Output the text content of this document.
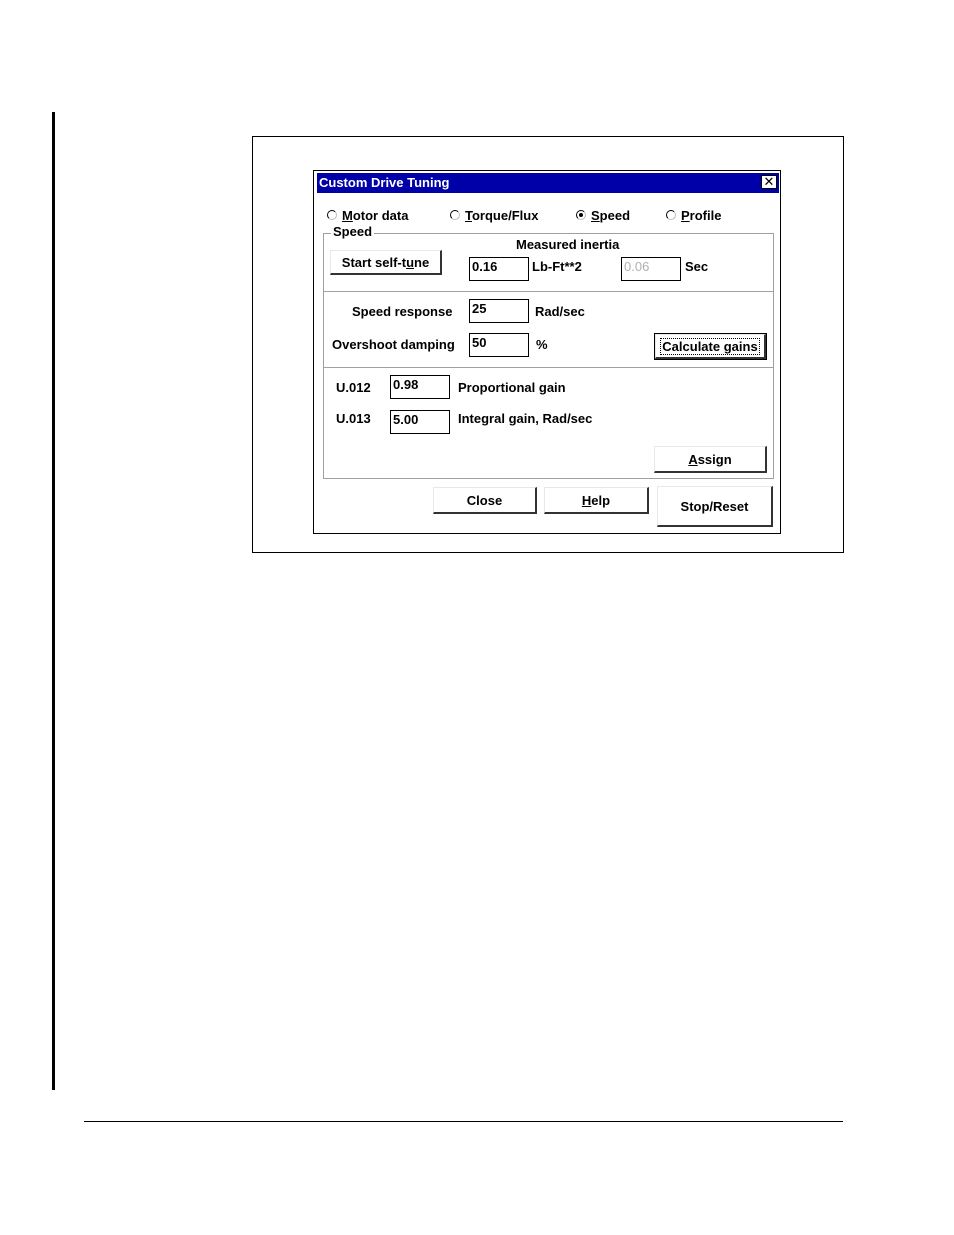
Custom Drive Tuning	✕
Motor data	Torque/Flux	Speed	Profile
Speed
Start self-tune
Measured inertia
0.16	Lb-Ft**2	0.06	Sec
Speed response 25	Rad/sec
Overshoot damping 50	%	Calculate gains
U.012 0.98	Proportional gain
U.013 5.00	Integral gain, Rad/sec
Assign
Close	Help	Stop/Reset
